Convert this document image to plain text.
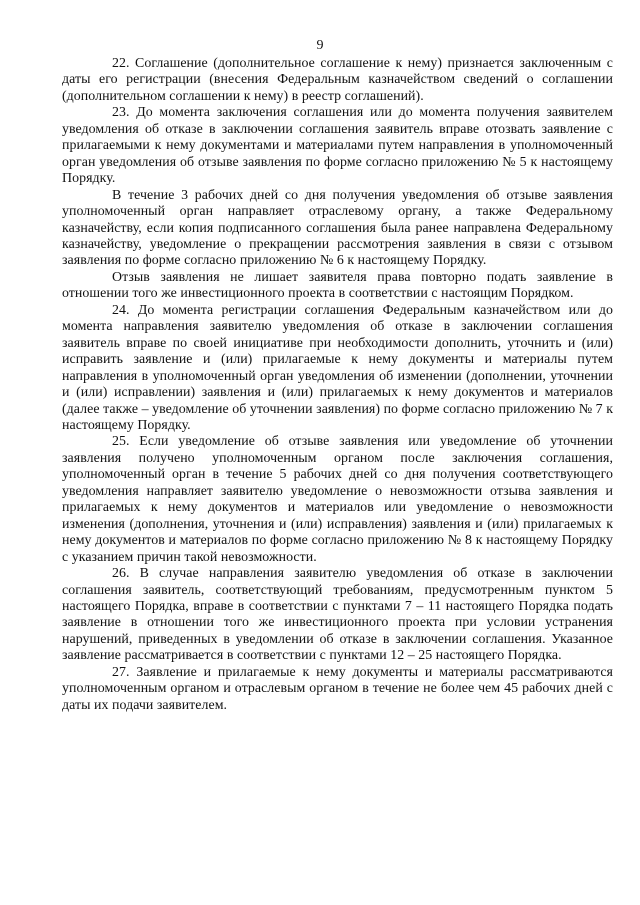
9

22. Соглашение (дополнительное соглашение к нему) признается заключенным с даты его регистрации (внесения Федеральным казначейством сведений о соглашении (дополнительном соглашении к нему) в реестр соглашений).

23. До момента заключения соглашения или до момента получения заявителем уведомления об отказе в заключении соглашения заявитель вправе отозвать заявление с прилагаемыми к нему документами и материалами путем направления в уполномоченный орган уведомления об отзыве заявления по форме согласно приложению № 5 к настоящему Порядку.

В течение 3 рабочих дней со дня получения уведомления об отзыве заявления уполномоченный орган направляет отраслевому органу, а также Федеральному казначейству, если копия подписанного соглашения была ранее направлена Федеральному казначейству, уведомление о прекращении рассмотрения заявления в связи с отзывом заявления по форме согласно приложению № 6 к настоящему Порядку.

Отзыв заявления не лишает заявителя права повторно подать заявление в отношении того же инвестиционного проекта в соответствии с настоящим Порядком.

24. До момента регистрации соглашения Федеральным казначейством или до момента направления заявителю уведомления об отказе в заключении соглашения заявитель вправе по своей инициативе при необходимости дополнить, уточнить и (или) исправить заявление и (или) прилагаемые к нему документы и материалы путем направления в уполномоченный орган уведомления об изменении (дополнении, уточнении и (или) исправлении) заявления и (или) прилагаемых к нему документов и материалов (далее также – уведомление об уточнении заявления) по форме согласно приложению № 7 к настоящему Порядку.

25. Если уведомление об отзыве заявления или уведомление об уточнении заявления получено уполномоченным органом после заключения соглашения, уполномоченный орган в течение 5 рабочих дней со дня получения соответствующего уведомления направляет заявителю уведомление о невозможности отзыва заявления и прилагаемых к нему документов и материалов или уведомление о невозможности изменения (дополнения, уточнения и (или) исправления) заявления и (или) прилагаемых к нему документов и материалов по форме согласно приложению № 8 к настоящему Порядку с указанием причин такой невозможности.

26. В случае направления заявителю уведомления об отказе в заключении соглашения заявитель, соответствующий требованиям, предусмотренным пунктом 5 настоящего Порядка, вправе в соответствии с пунктами 7 – 11 настоящего Порядка подать заявление в отношении того же инвестиционного проекта при условии устранения нарушений, приведенных в уведомлении об отказе в заключении соглашения. Указанное заявление рассматривается в соответствии с пунктами 12 – 25 настоящего Порядка.

27. Заявление и прилагаемые к нему документы и материалы рассматриваются уполномоченным органом и отраслевым органом в течение не более чем 45 рабочих дней с даты их подачи заявителем.
